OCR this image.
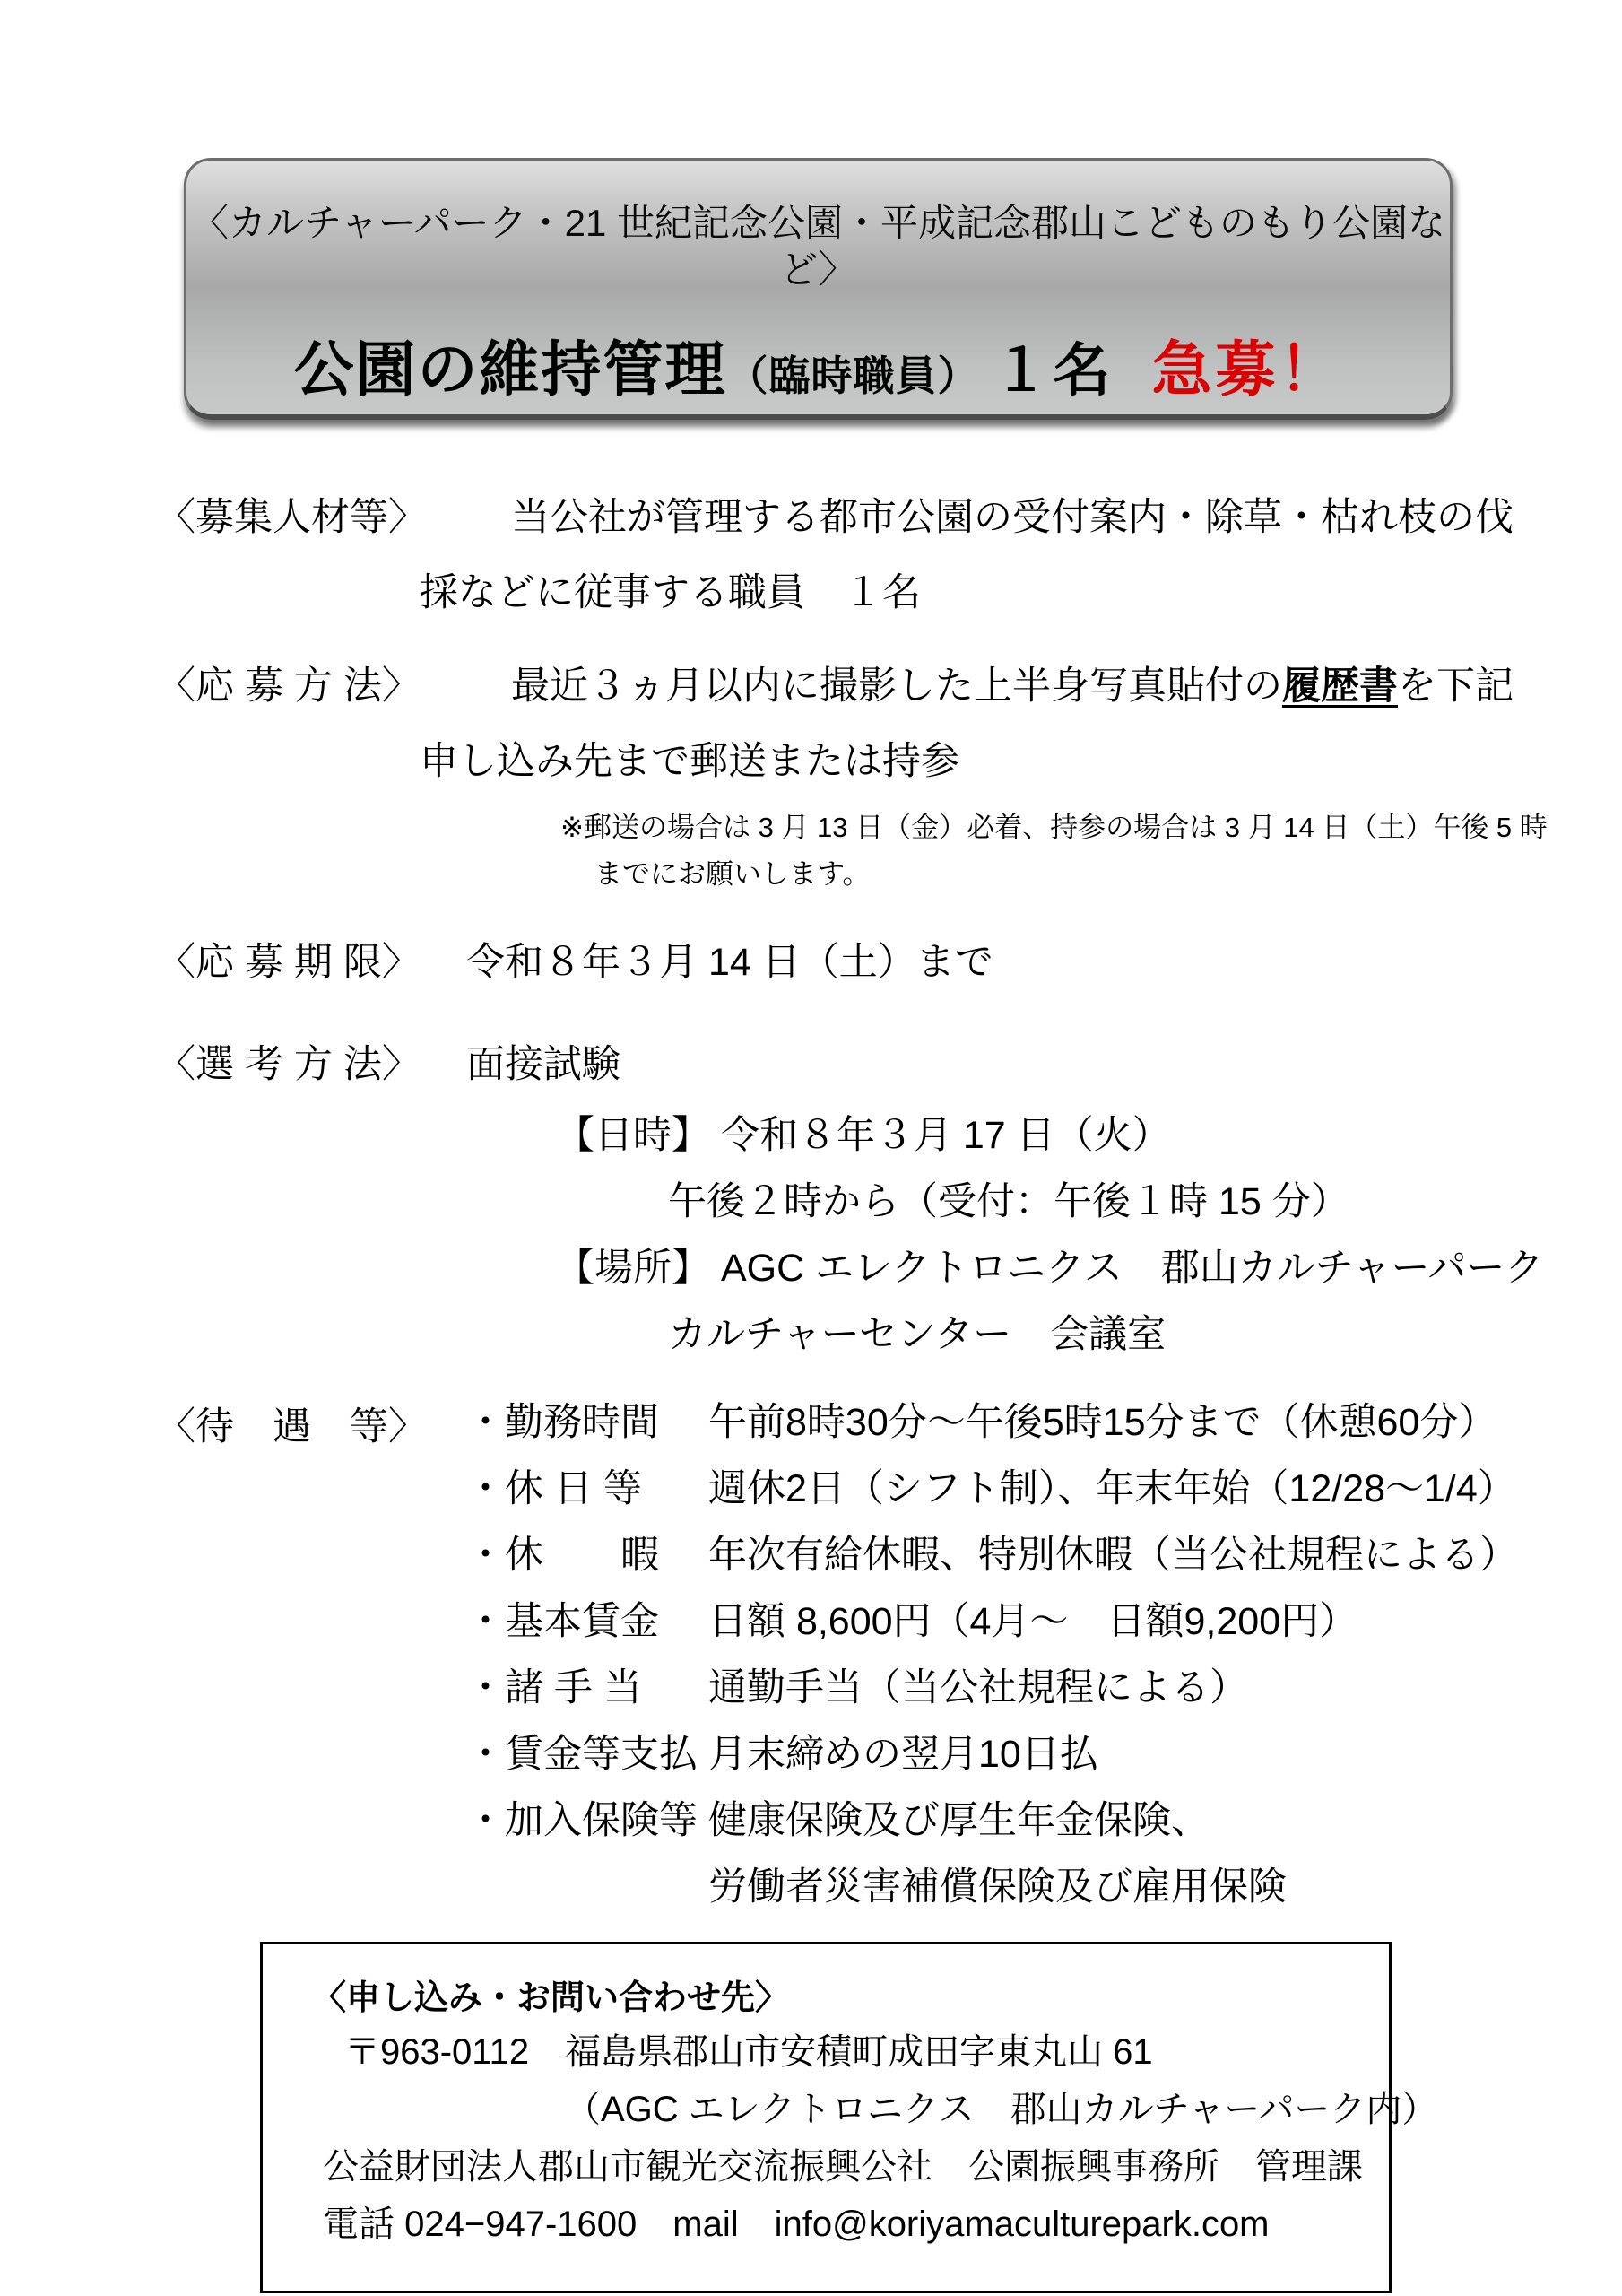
〈カルチャーパーク・21 世紀記念公園・平成記念郡山こどものもり公園など〉
公園の維持管理（臨時職員） １名 急募！
〈募集人材等〉	当公社が管理する都市公園の受付案内・除草・枯れ枝の伐
採などに従事する職員　１名
〈応 募 方 法〉	最近３ヵ月以内に撮影した上半身写真貼付の履歴書を下記
申し込み先まで郵送または持参
※郵送の場合は 3 月 13 日（金）必着、持参の場合は 3 月 14 日（土）午後 5 時
までにお願いします。
〈応 募 期 限〉	令和８年３月 14 日（土）まで
〈選 考 方 法〉	面接試験
【日時】 令和８年３月 17 日（火）
午後２時から（受付：午後１時 15 分）
【場所】 AGC エレクトロニクス　郡山カルチャーパーク
カルチャーセンター　会議室
〈待　遇　等〉	・勤務時間	午前8時30分～午後5時15分まで（休憩60分）
・休 日 等	週休2日（シフト制）、年末年始（12/28～1/4）
・休　　暇	年次有給休暇、特別休暇（当公社規程による）
・基本賃金	日額 8,600円（4月～　日額9,200円）
・諸 手 当	通勤手当（当公社規程による）
・賃金等支払 月末締めの翌月10日払
・加入保険等 健康保険及び厚生年金保険、
労働者災害補償保険及び雇用保険
〈申し込み・お問い合わせ先〉
〒963-0112　福島県郡山市安積町成田字東丸山 61
（AGC エレクトロニクス　郡山カルチャーパーク内）
公益財団法人郡山市観光交流振興公社　公園振興事務所　管理課
電話 024−947-1600　mail　info@koriyamaculturepark.com
